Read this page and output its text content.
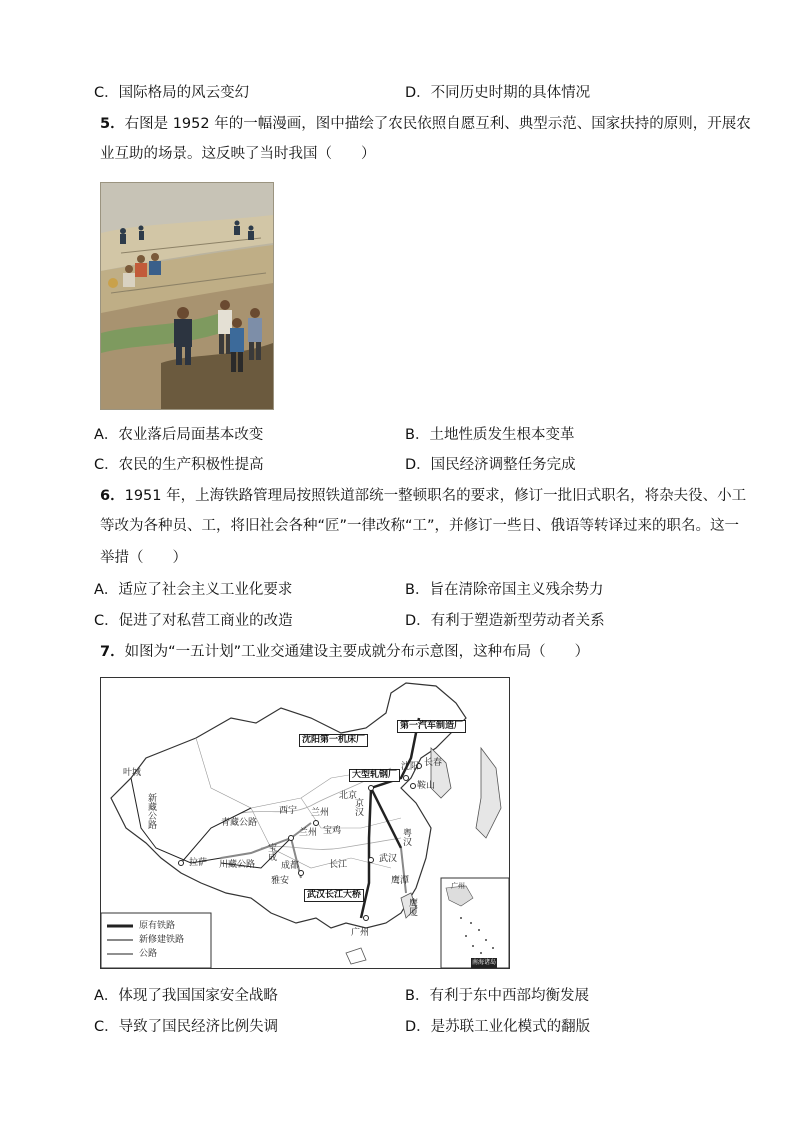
C．国际格局的风云变幻	D．不同历史时期的具体情况
5．右图是 1952 年的一幅漫画，图中描绘了农民依照自愿互利、典型示范、国家扶持的原则，开展农
业互助的场景。这反映了当时我国（　　）
A．农业落后局面基本改变	B．土地性质发生根本变革
C．农民的生产积极性提高	D．国民经济调整任务完成
6．1951 年，上海铁路管理局按照铁道部统一整顿职名的要求，修订一批旧式职名，将杂夫役、小工
等改为各种员、工，将旧社会各种“匠”一律改称“工”，并修订一些日、俄语等转译过来的职名。这一
举措（　　）
A．适应了社会主义工业化要求	B．旨在清除帝国主义残余势力
C．促进了对私营工商业的改造	D．有利于塑造新型劳动者关系
7．如图为“一五计划”工业交通建设主要成就分布示意图，这种布局（　　）
第一汽车制造厂
沈阳第一机床厂
大型轧钢厂
武汉长江大桥
长春
沈阳
鞍山
北京
西宁
兰州 宝鸡
成都
雅安
拉萨	武汉
广州
叶城
鹰潭
新藏公路	青藏公路
川藏公路
宝成
京汉
粤汉
长江
兰州
鹰厦
原有铁路
新修建铁路
公路
广州
南海诸岛
A．体现了我国国家安全战略	B．有利于东中西部均衡发展
C．导致了国民经济比例失调	D．是苏联工业化模式的翻版
